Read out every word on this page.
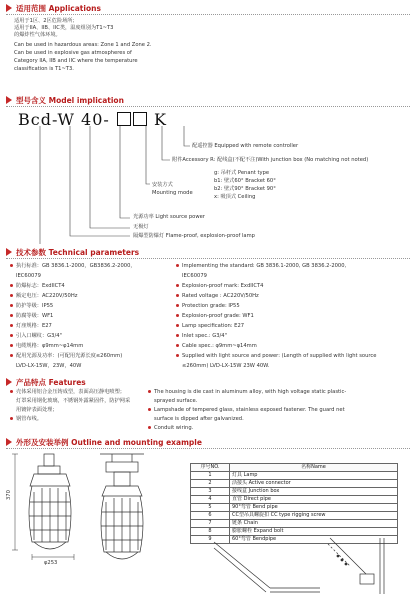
适用范围 Applications
适用于1区、2区危险场所；
适用于IIA、IIB、IIC类，温度组别为T1~T3
的爆炸性气体环境。
Can be used in hazardous areas: Zone 1 and Zone 2.
Can be used in explosive gas atmospheres of
Category IIA, IIB and IIC where the temperature
classification is T1~T3.
型号含义 Model implication
Bcd-W 40-	K
配遥控器 Equipped with remote controller
附件Accessory R: 配线盒(不配不注)With junction box (No matching not noted)
g: 吊杆式 Penant type
b1: 壁式60° Bracket 60°
安装方式
b2: 壁式90° Bracket 90°
Mounting mode
x: 吸顶式 Ceiling
光源功率 Light source power
无极灯
隔爆型防爆灯 Flame-proof, explosion-proof lamp
技术参数 Technical parameters
执行标准：GB 3836.1-2000，GB3836.2-2000，
IEC60079
防爆标志：ExdIICT4
额定电压：AC220V/50Hz
防护等级：IP55
防腐等级：WF1
灯座规格：E27
引入口螺纹：G3/4"
电缆规格：φ9mm~φ14mm
配用光源及功率：(可配用光源长度≤260mm)
LVD-LX-15W，23W，40W
Implementing the standard: GB 3836.1-2000, GB 3836.2-2000,
IEC60079
Explosion-proof mark: ExdIICT4
Rated voltage : AC220V/50Hz
Protection grade: IP55
Explosion-proof grade: WF1
Lamp specification: E27
Inlet spec.: G3/4"
Cable spec.: φ9mm~φ14mm
Supplied with light source and power: (Length of supplied with light source
≤260mm) LVD-LX-15W 23W 40W.
产品特点 Features
壳体采用铝合金压铸成型，表面高压静电喷塑；
灯罩采用钢化玻璃，不锈钢外露紧固件，防护网采
用镀锌表面处理；
钢管布线。
The housing is die cast in aluminum alloy, with high voltage static plastic-
sprayed surface.
Lampshade of tempered glass, stainless exposed fastener. The guard net
surface is dipped after galvanized.
Conduit wiring.
外形及安装举例 Outline and mounting example
370
φ253
序号NO.	名称Name
1	灯具 Lamp
2	活接头 Active connector
3	接线盒 Junction box
4	直管 Direct pipe
5	90°弯管 Bend pipe
6	CC型吊具螺旋扣 CC type rigging screw
7	链条 Chain
8	膨胀螺栓 Expand bolt
9	60°弯管 Bendpipe
